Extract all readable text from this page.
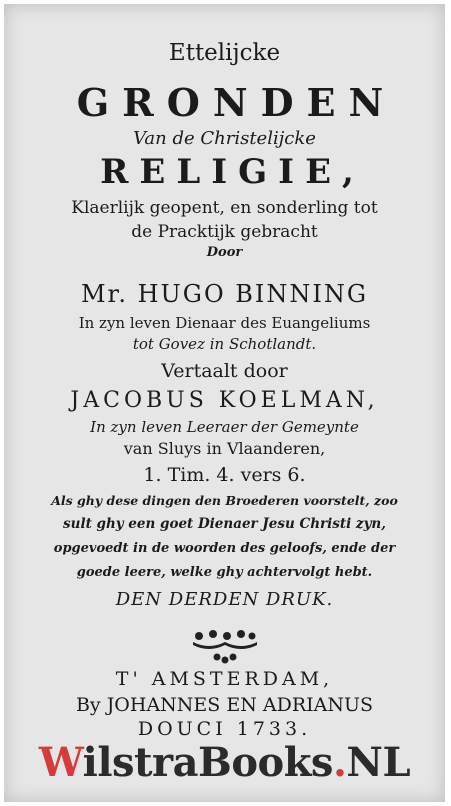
Ettelijcke
GRONDEN
Van de Christelijcke
RELIGIE,
Klaerlijk geopent, en sonderling tot
de Pracktijk gebracht
Door
Mr. HUGO BINNING
In zyn leven Dienaar des Euangeliums
tot Govez in Schotlandt.
Vertaalt door
JACOBUS KOELMAN,
In zyn leven Leeraer der Gemeynte
van Sluys in Vlaanderen,
1. Tim. 4. vers 6.
Als ghy dese dingen den Broederen voorstelt, zoo
sult ghy een goet Dienaer Jesu Christi zyn,
opgevoedt in de woorden des geloofs, ende der
goede leere, welke ghy achtervolgt hebt.
DEN DERDEN DRUK.
T' AMSTERDAM,
By JOHANNES EN ADRIANUS
DOUCI 1733.
WilstraBooks.NL
